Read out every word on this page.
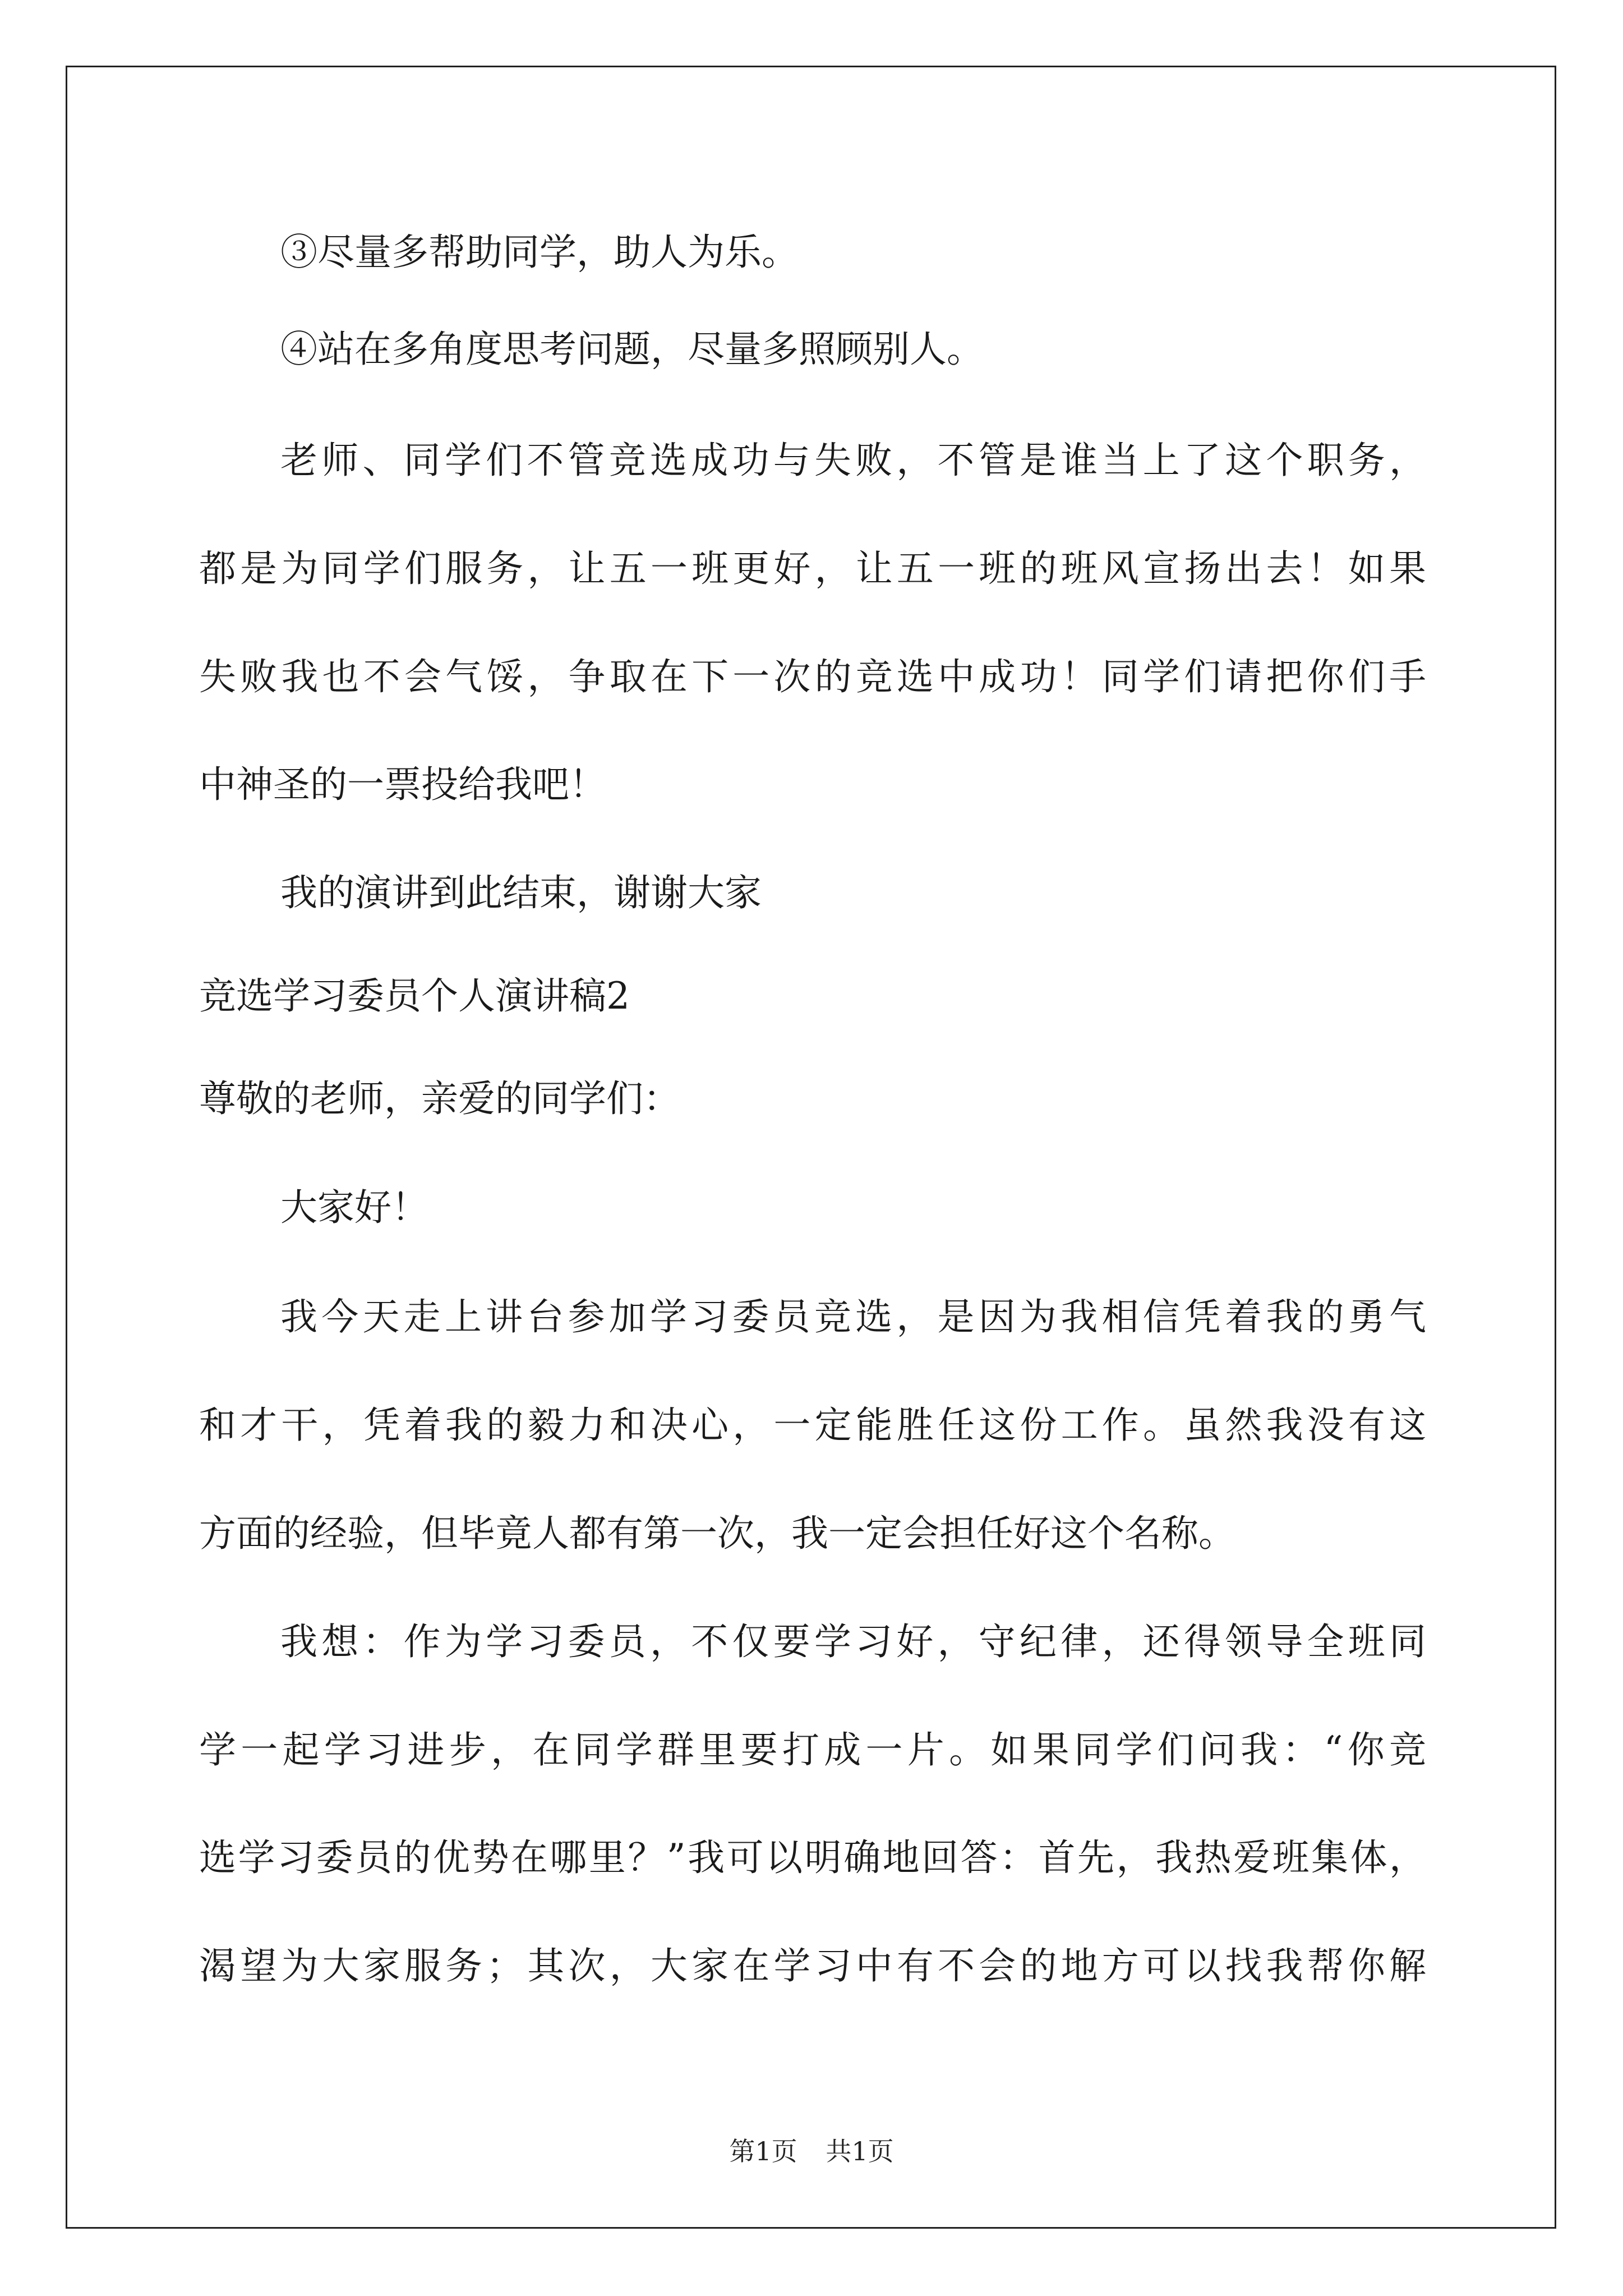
③尽量多帮助同学，助人为乐。
④站在多角度思考问题，尽量多照顾别人。
老师、同学们不管竞选成功与失败，不管是谁当上了这个职务，
都是为同学们服务，让五一班更好，让五一班的班风宣扬出去！如果
失败我也不会气馁，争取在下一次的竞选中成功！同学们请把你们手
中神圣的一票投给我吧！
我的演讲到此结束，谢谢大家
竞选学习委员个人演讲稿2
尊敬的老师，亲爱的同学们：
大家好！
我今天走上讲台参加学习委员竞选，是因为我相信凭着我的勇气
和才干，凭着我的毅力和决心，一定能胜任这份工作。虽然我没有这
方面的经验，但毕竟人都有第一次，我一定会担任好这个名称。
我想：作为学习委员，不仅要学习好，守纪律，还得领导全班同
学一起学习进步，在同学群里要打成一片。如果同学们问我：“你竞
选学习委员的优势在哪里？”我可以明确地回答：首先，我热爱班集体，
渴望为大家服务；其次，大家在学习中有不会的地方可以找我帮你解
第1页 共1页
